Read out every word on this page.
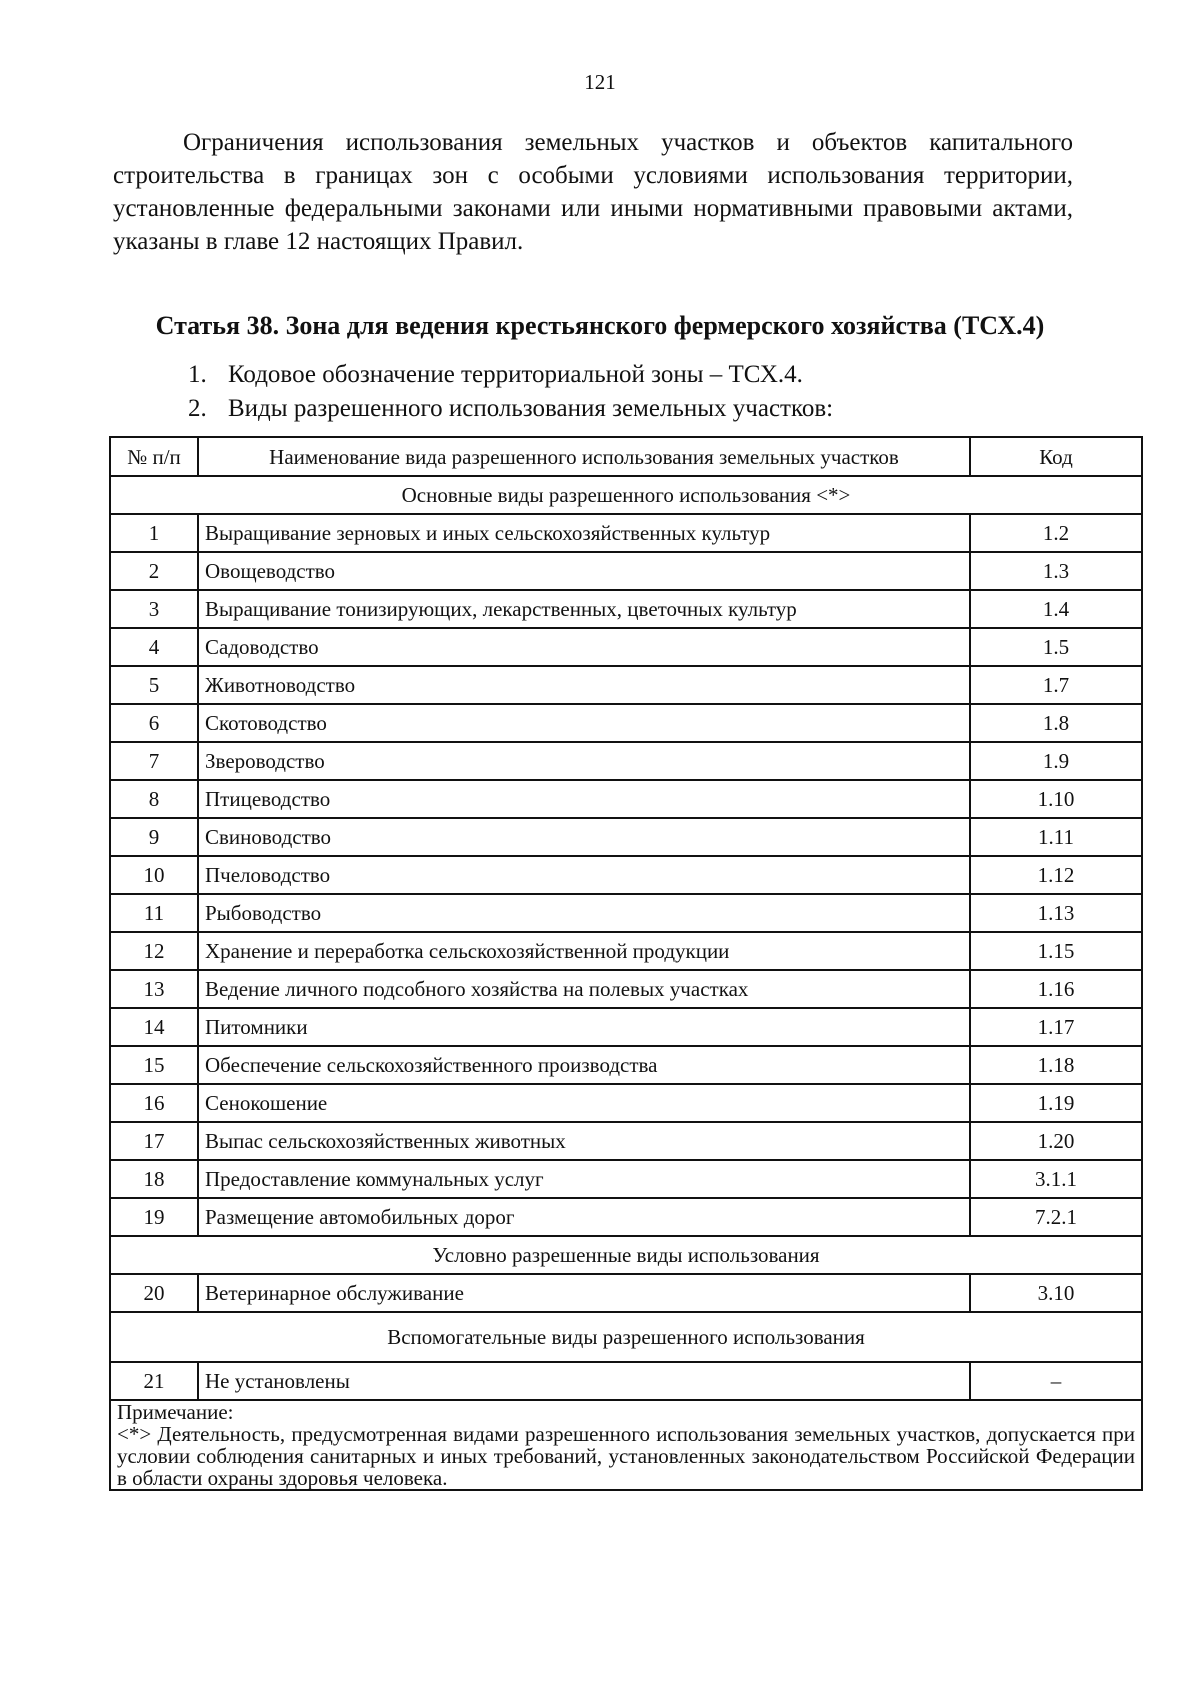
121

Ограничения использования земельных участков и объектов капитального строительства в границах зон с особыми условиями использования территории, установленные федеральными законами или иными нормативными правовыми актами, указаны в главе 12 настоящих Правил.

Статья 38. Зона для ведения крестьянского фермерского хозяйства (ТСХ.4)
1. Кодовое обозначение территориальной зоны – ТСХ.4.
2. Виды разрешенного использования земельных участков:
№ п/п	Наименование вида разрешенного использования земельных участков	Код
Основные виды разрешенного использования <*>		
1	Выращивание зерновых и иных сельскохозяйственных культур	1.2
2	Овощеводство	1.3
3	Выращивание тонизирующих, лекарственных, цветочных культур	1.4
4	Садоводство	1.5
5	Животноводство	1.7
6	Скотоводство	1.8
7	Звероводство	1.9
8	Птицеводство	1.10
9	Свиноводство	1.11
10	Пчеловодство	1.12
11	Рыбоводство	1.13
12	Хранение и переработка сельскохозяйственной продукции	1.15
13	Ведение личного подсобного хозяйства на полевых участках	1.16
14	Питомники	1.17
15	Обеспечение сельскохозяйственного производства	1.18
16	Сенокошение	1.19
17	Выпас сельскохозяйственных животных	1.20
18	Предоставление коммунальных услуг	3.1.1
19	Размещение автомобильных дорог	7.2.1
Условно разрешенные виды использования		
20	Ветеринарное обслуживание	3.10
Вспомогательные виды разрешенного использования		
21	Не установлены	–

Примечание:
<*> Деятельность, предусмотренная видами разрешенного использования земельных участков, допускается при условии соблюдения санитарных и иных требований, установленных законодательством Российской Федерации в области охраны здоровья человека.		
